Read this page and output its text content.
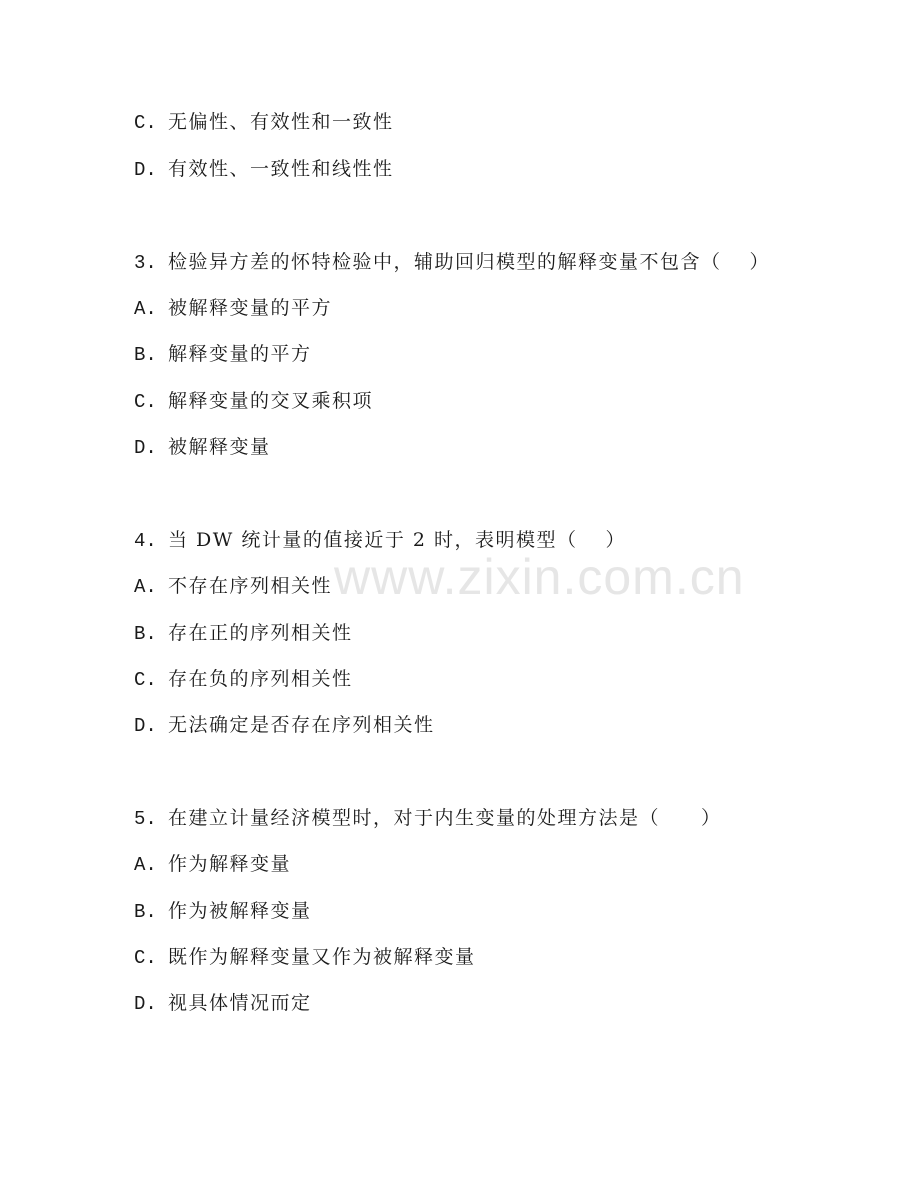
www.zixin.com.cn
C. 无偏性、有效性和一致性
D. 有效性、一致性和线性性
3. 检验异方差的怀特检验中，辅助回归模型的解释变量不包含（　 ）
A. 被解释变量的平方
B. 解释变量的平方
C. 解释变量的交叉乘积项
D. 被解释变量
4. 当 DW 统计量的值接近于 2 时，表明模型（　 ）
A. 不存在序列相关性
B. 存在正的序列相关性
C. 存在负的序列相关性
D. 无法确定是否存在序列相关性
5. 在建立计量经济模型时，对于内生变量的处理方法是（　　）
A. 作为解释变量
B. 作为被解释变量
C. 既作为解释变量又作为被解释变量
D. 视具体情况而定
